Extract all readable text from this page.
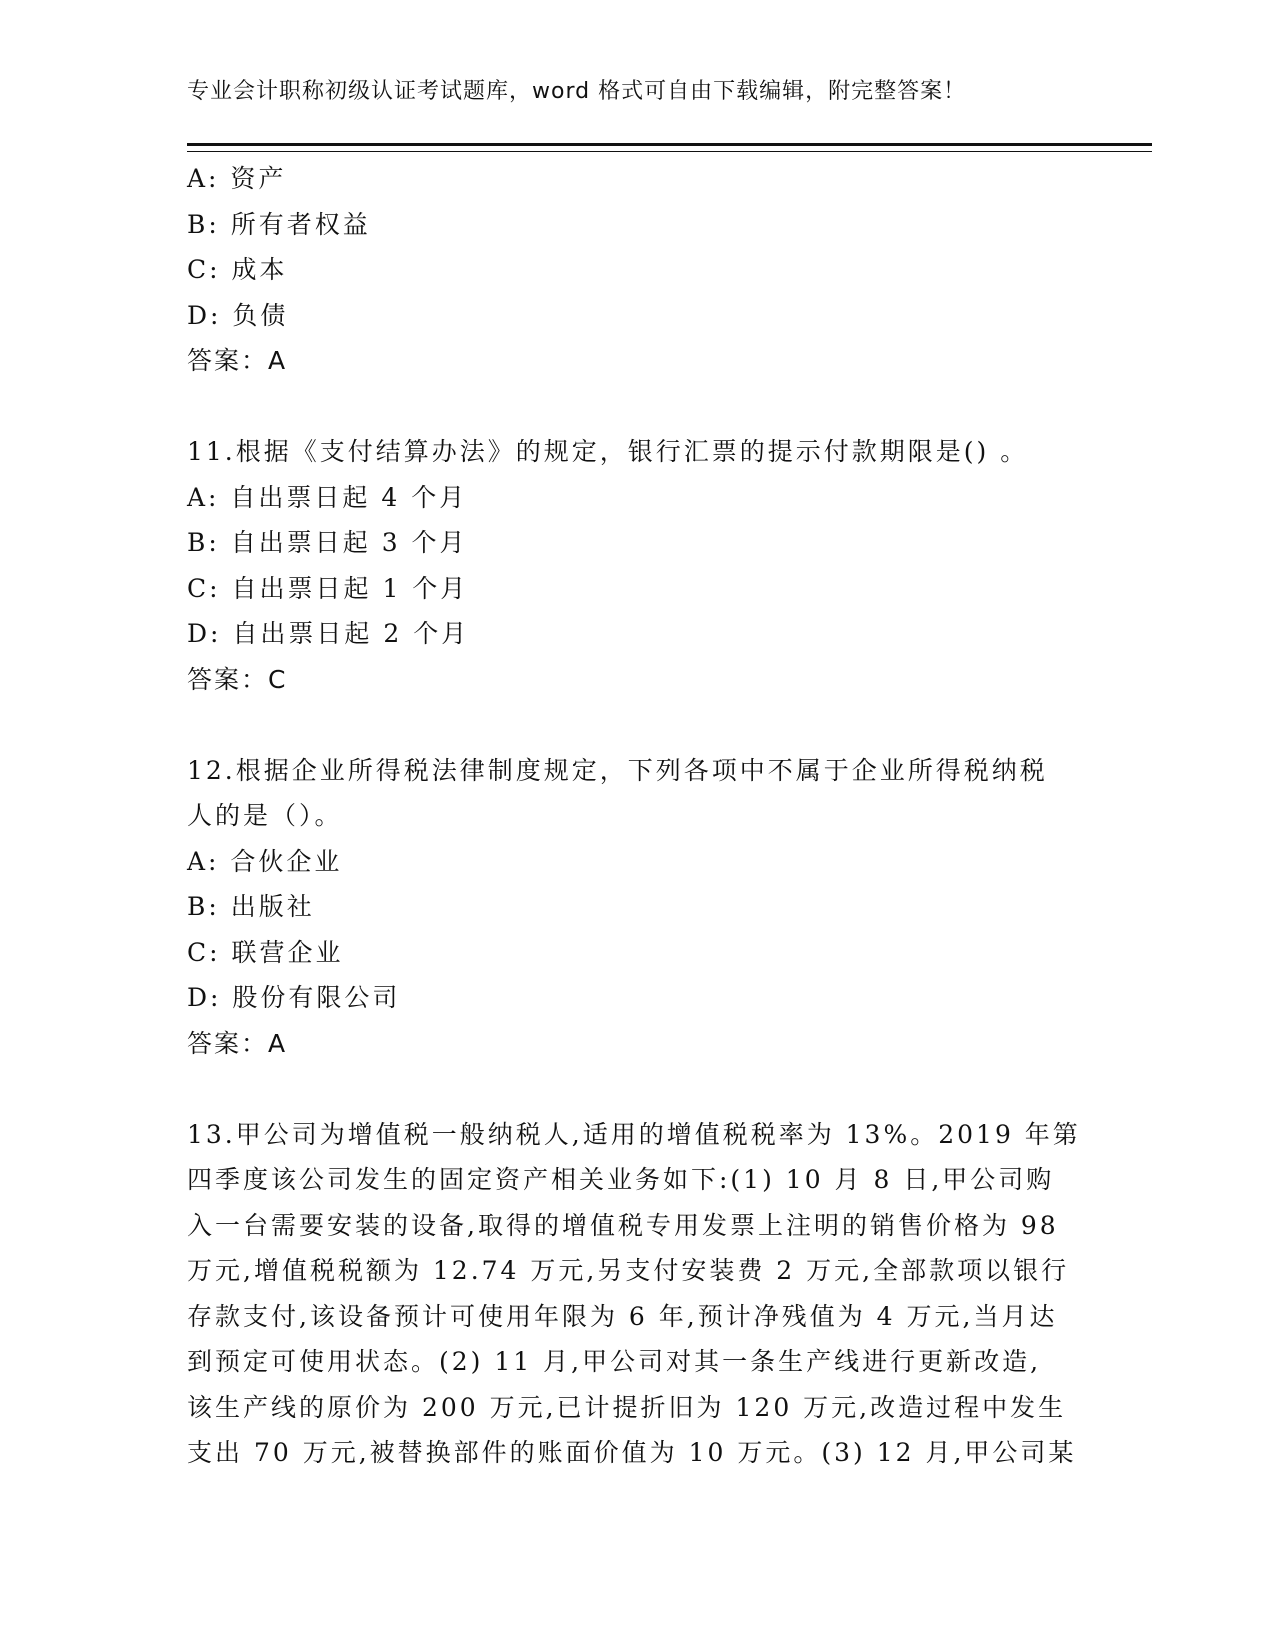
专业会计职称初级认证考试题库，word 格式可自由下载编辑，附完整答案！
A: 资产
B: 所有者权益
C: 成本
D: 负债
答案：A
11.根据《支付结算办法》的规定，银行汇票的提示付款期限是() 。
A: 自出票日起 4 个月
B: 自出票日起 3 个月
C: 自出票日起 1 个月
D: 自出票日起 2 个月
答案：C
12.根据企业所得税法律制度规定，下列各项中不属于企业所得税纳税
人的是（）。
A: 合伙企业
B: 出版社
C: 联营企业
D: 股份有限公司
答案：A
13.甲公司为增值税一般纳税人,适用的增值税税率为 13%。2019 年第
四季度该公司发生的固定资产相关业务如下:(1) 10 月 8 日,甲公司购
入一台需要安装的设备,取得的增值税专用发票上注明的销售价格为 98
万元,增值税税额为 12.74 万元,另支付安装费 2 万元,全部款项以银行
存款支付,该设备预计可使用年限为 6 年,预计净残值为 4 万元,当月达
到预定可使用状态。(2) 11 月,甲公司对其一条生产线进行更新改造,
该生产线的原价为 200 万元,已计提折旧为 120 万元,改造过程中发生
支出 70 万元,被替换部件的账面价值为 10 万元。(3) 12 月,甲公司某
